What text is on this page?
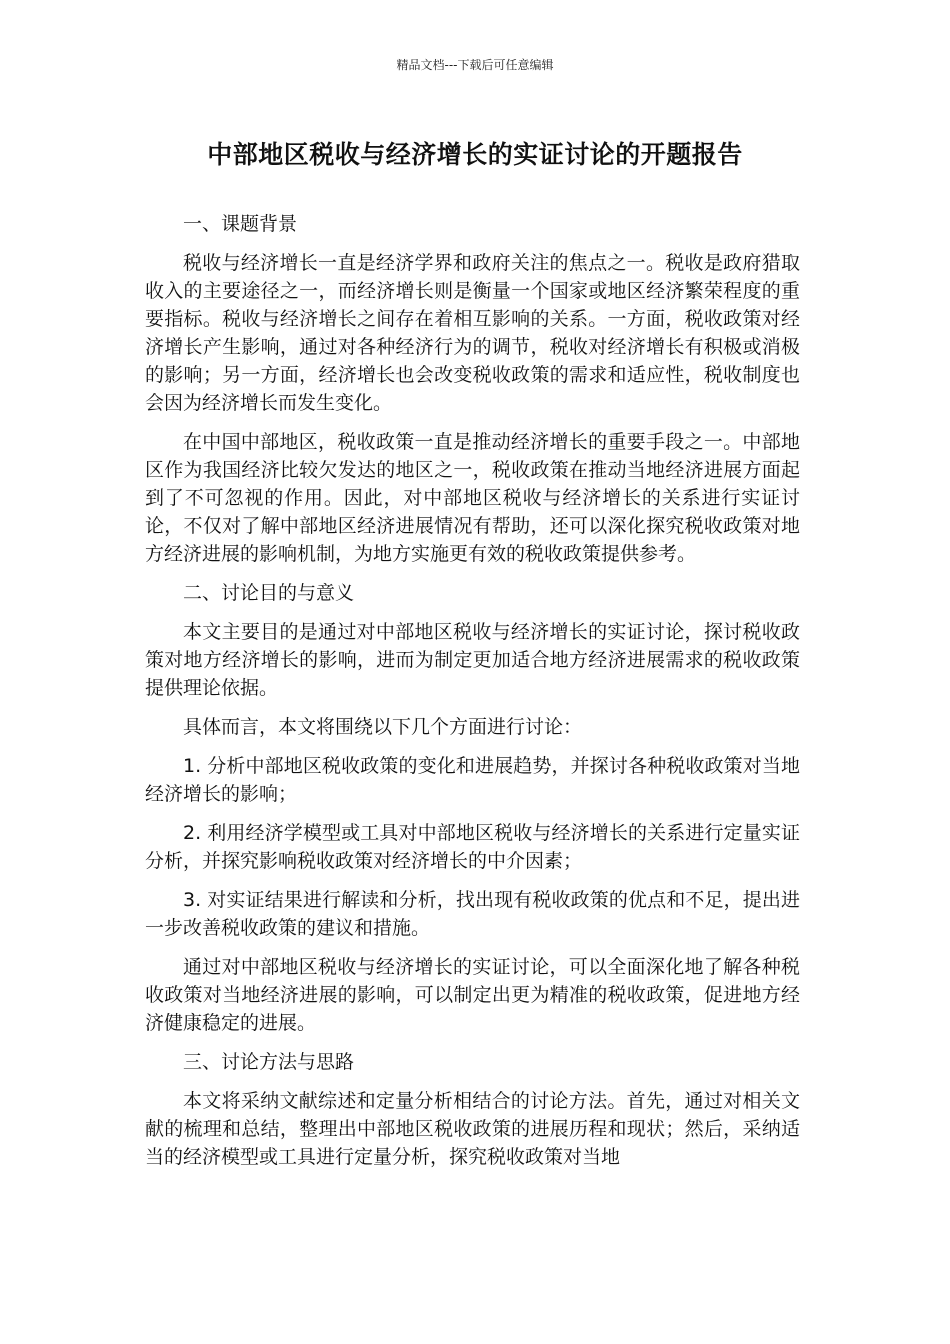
精品文档---下载后可任意编辑
中部地区税收与经济增长的实证讨论的开题报告

一、课题背景

税收与经济增长一直是经济学界和政府关注的焦点之一。税收是政府猎取收入的主要途径之一，而经济增长则是衡量一个国家或地区经济繁荣程度的重要指标。税收与经济增长之间存在着相互影响的关系。一方面，税收政策对经济增长产生影响，通过对各种经济行为的调节，税收对经济增长有积极或消极的影响；另一方面，经济增长也会改变税收政策的需求和适应性，税收制度也会因为经济增长而发生变化。

在中国中部地区，税收政策一直是推动经济增长的重要手段之一。中部地区作为我国经济比较欠发达的地区之一，税收政策在推动当地经济进展方面起到了不可忽视的作用。因此，对中部地区税收与经济增长的关系进行实证讨论，不仅对了解中部地区经济进展情况有帮助，还可以深化探究税收政策对地方经济进展的影响机制，为地方实施更有效的税收政策提供参考。

二、讨论目的与意义

本文主要目的是通过对中部地区税收与经济增长的实证讨论，探讨税收政策对地方经济增长的影响，进而为制定更加适合地方经济进展需求的税收政策提供理论依据。

具体而言，本文将围绕以下几个方面进行讨论：

1. 分析中部地区税收政策的变化和进展趋势，并探讨各种税收政策对当地经济增长的影响；

2. 利用经济学模型或工具对中部地区税收与经济增长的关系进行定量实证分析，并探究影响税收政策对经济增长的中介因素；

3. 对实证结果进行解读和分析，找出现有税收政策的优点和不足，提出进一步改善税收政策的建议和措施。

通过对中部地区税收与经济增长的实证讨论，可以全面深化地了解各种税收政策对当地经济进展的影响，可以制定出更为精准的税收政策，促进地方经济健康稳定的进展。

三、讨论方法与思路

本文将采纳文献综述和定量分析相结合的讨论方法。首先，通过对相关文献的梳理和总结，整理出中部地区税收政策的进展历程和现状；然后，采纳适当的经济模型或工具进行定量分析，探究税收政策对当地
